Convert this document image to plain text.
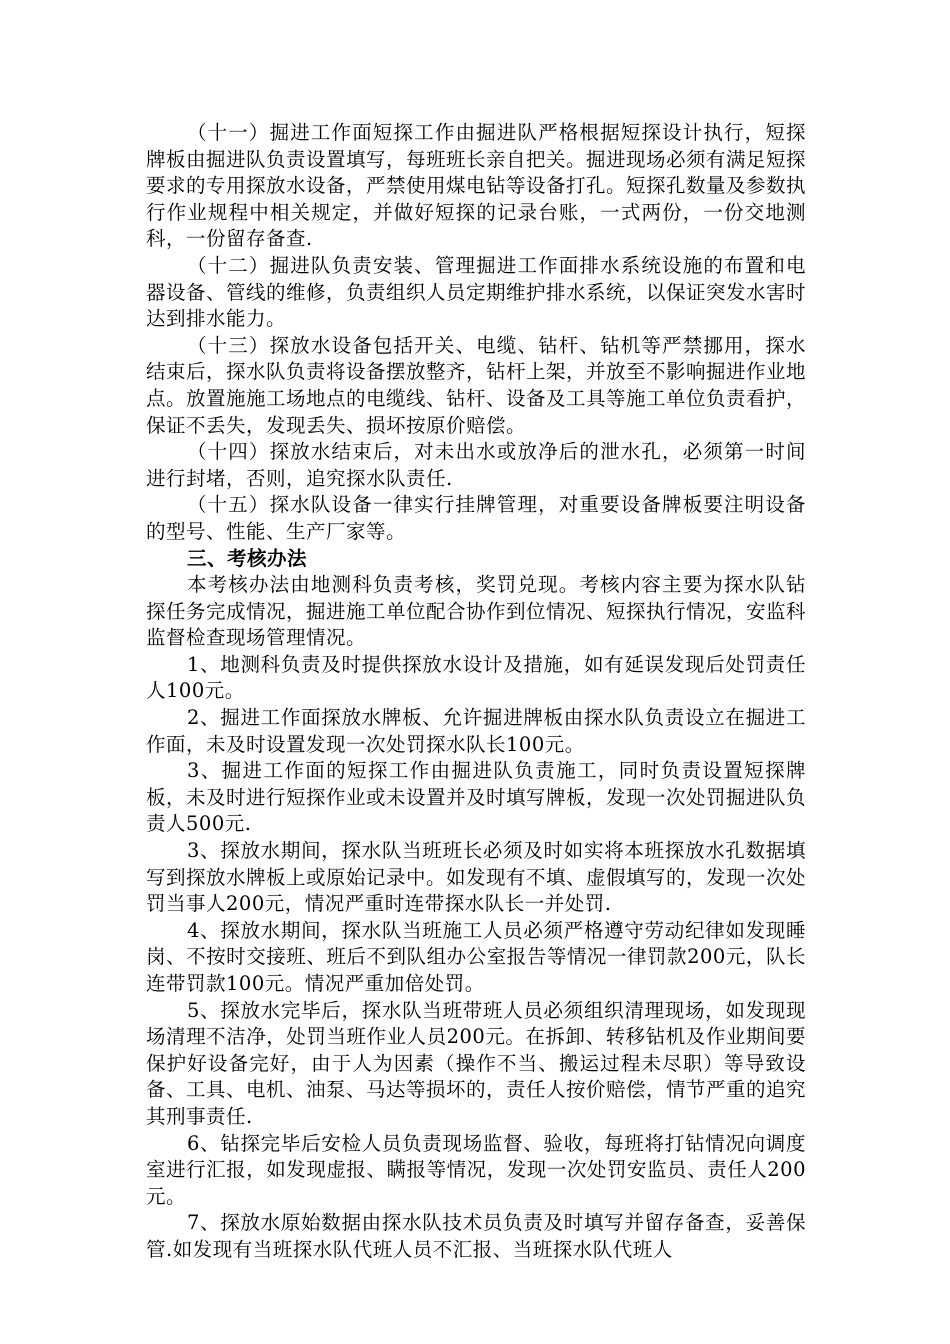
（十一）掘进工作面短探工作由掘进队严格根据短探设计执行，短探牌板由掘进队负责设置填写，每班班长亲自把关。掘进现场必须有满足短探要求的专用探放水设备，严禁使用煤电钻等设备打孔。短探孔数量及参数执行作业规程中相关规定，并做好短探的记录台账，一式两份，一份交地测科，一份留存备查.

（十二）掘进队负责安装、管理掘进工作面排水系统设施的布置和电器设备、管线的维修，负责组织人员定期维护排水系统，以保证突发水害时达到排水能力。

（十三）探放水设备包括开关、电缆、钻杆、钻机等严禁挪用，探水结束后，探水队负责将设备摆放整齐，钻杆上架，并放至不影响掘进作业地点。放置施施工场地点的电缆线、钻杆、设备及工具等施工单位负责看护，保证不丢失，发现丢失、损坏按原价赔偿。

（十四）探放水结束后，对未出水或放净后的泄水孔，必须第一时间进行封堵，否则，追究探水队责任.

（十五）探水队设备一律实行挂牌管理，对重要设备牌板要注明设备的型号、性能、生产厂家等。

三、考核办法

本考核办法由地测科负责考核，奖罚兑现。考核内容主要为探水队钻探任务完成情况，掘进施工单位配合协作到位情况、短探执行情况，安监科监督检查现场管理情况。

1、地测科负责及时提供探放水设计及措施，如有延误发现后处罚责任人100元。

2、掘进工作面探放水牌板、允许掘进牌板由探水队负责设立在掘进工作面，未及时设置发现一次处罚探水队长100元。

3、掘进工作面的短探工作由掘进队负责施工，同时负责设置短探牌板，未及时进行短探作业或未设置并及时填写牌板，发现一次处罚掘进队负责人500元.

3、探放水期间，探水队当班班长必须及时如实将本班探放水孔数据填写到探放水牌板上或原始记录中。如发现有不填、虚假填写的，发现一次处罚当事人200元，情况严重时连带探水队长一并处罚.

4、探放水期间，探水队当班施工人员必须严格遵守劳动纪律如发现睡岗、不按时交接班、班后不到队组办公室报告等情况一律罚款200元，队长连带罚款100元。情况严重加倍处罚。

5、探放水完毕后，探水队当班带班人员必须组织清理现场，如发现现场清理不洁净，处罚当班作业人员200元。在拆卸、转移钻机及作业期间要保护好设备完好，由于人为因素（操作不当、搬运过程未尽职）等导致设备、工具、电机、油泵、马达等损坏的，责任人按价赔偿，情节严重的追究其刑事责任.

6、钻探完毕后安检人员负责现场监督、验收，每班将打钻情况向调度室进行汇报，如发现虚报、瞒报等情况，发现一次处罚安监员、责任人200元。

7、探放水原始数据由探水队技术员负责及时填写并留存备查，妥善保管.如发现有当班探水队代班人员不汇报、当班探水队代班人
